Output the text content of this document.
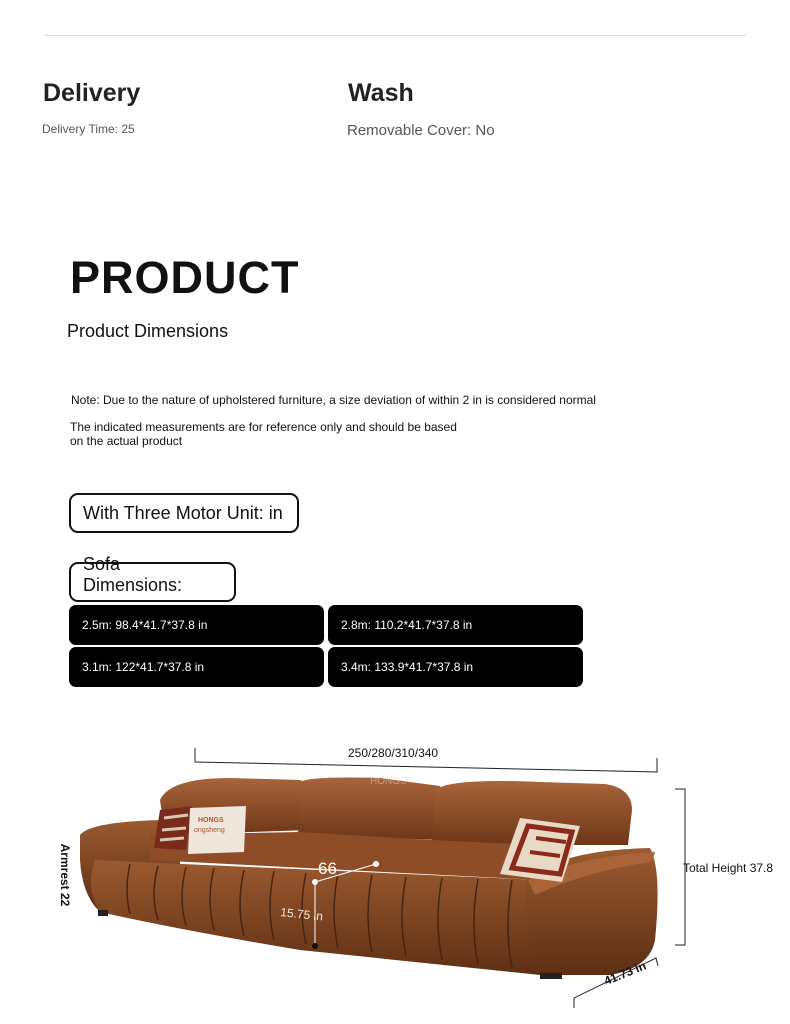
Delivery
Delivery Time: 25
Wash
Removable Cover: No
PRODUCT
Product Dimensions
Note: Due to the nature of upholstered furniture, a size deviation of within 2 in is considered normal
The indicated measurements are for reference only and should be based
on the actual product
With Three Motor Unit: in
Sofa Dimensions:
2.5m: 98.4*41.7*37.8 in	2.8m: 110.2*41.7*37.8 in
3.1m: 122*41.7*37.8 in	3.4m: 133.9*41.7*37.8 in
HONGS
ongsheng
66
15.75 in
HONGS
250/280/310/340
Total Height 37.8
41.73 in
Armrest 22
